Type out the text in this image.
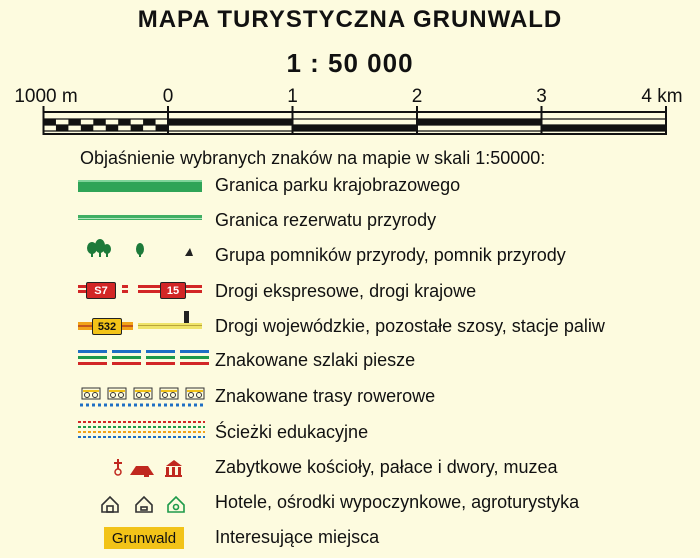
MAPA TURYSTYCZNA GRUNWALD
1 : 50 000
1000 m	0	1	2	3	4 km
Objaśnienie wybranych znaków na mapie w skali 1:50000:
S7	15
532
Grunwald
Granica parku krajobrazowego
Granica rezerwatu przyrody
Grupa pomników przyrody, pomnik przyrody
Drogi ekspresowe, drogi krajowe
Drogi wojewódzkie, pozostałe szosy, stacje paliw
Znakowane szlaki piesze
Znakowane trasy rowerowe
Ścieżki edukacyjne
Zabytkowe kościoły, pałace i dwory, muzea
Hotele, ośrodki wypoczynkowe, agroturystyka
Interesujące miejsca
